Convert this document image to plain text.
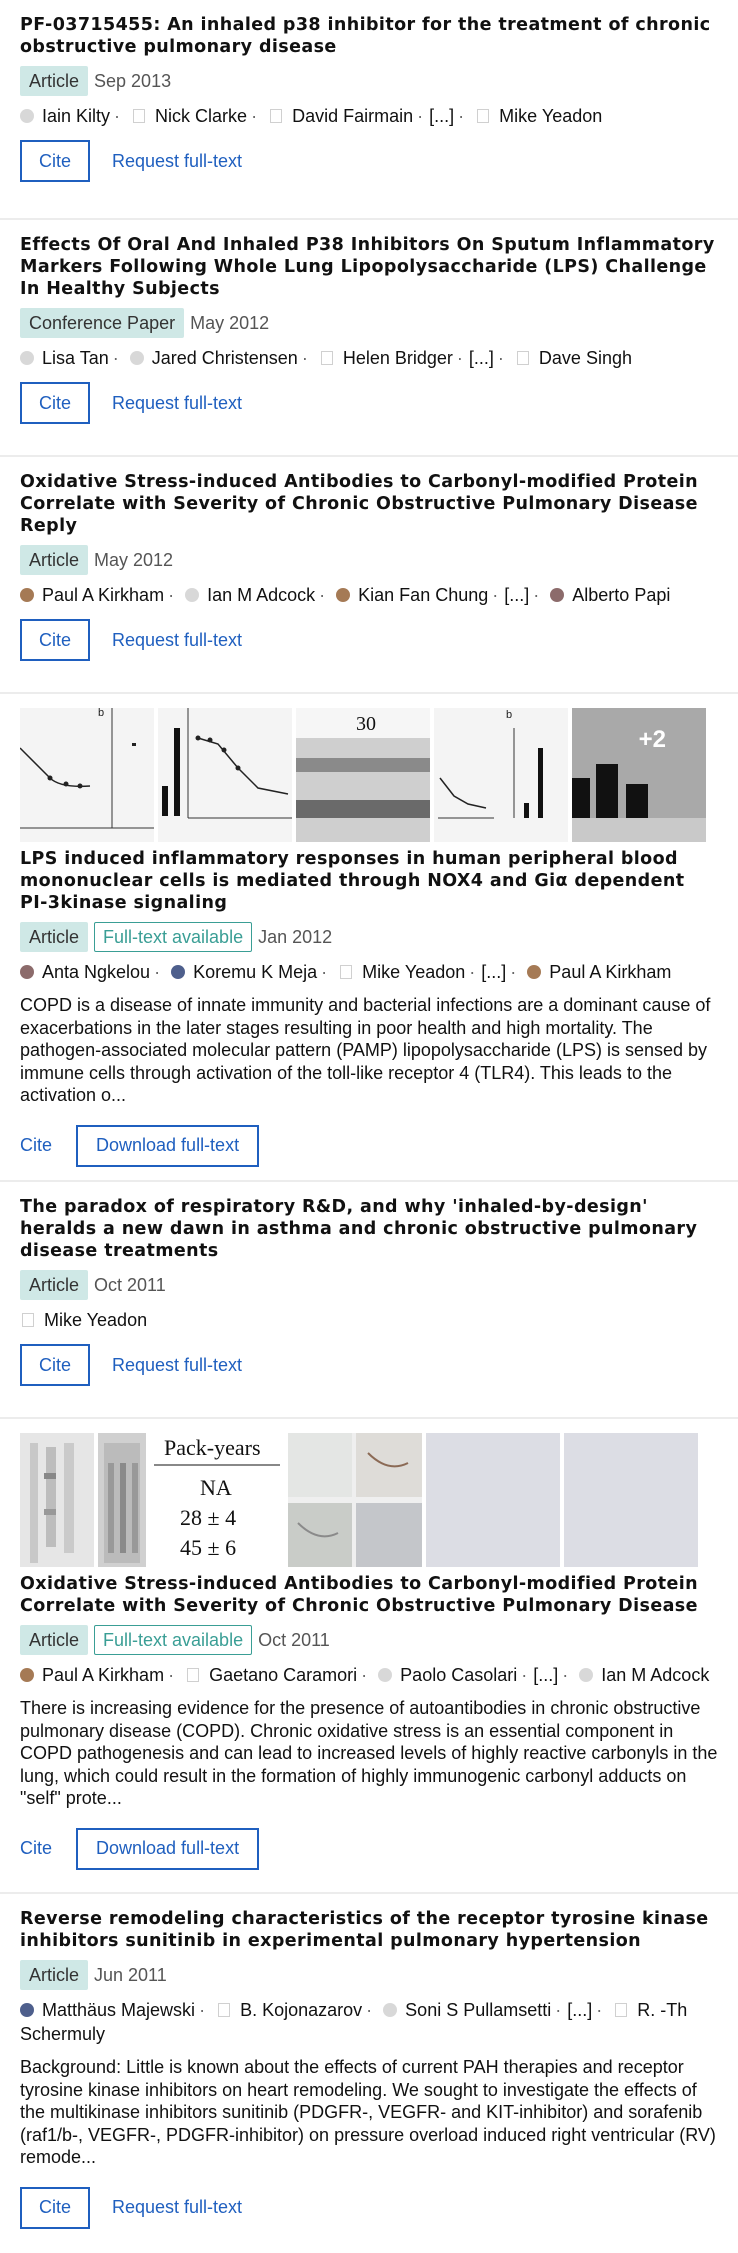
PF-03715455: An inhaled p38 inhibitor for the treatment of chronic obstructive pulmonary disease
Article Sep 2013
Iain Kilty · Nick Clarke · David Fairmain · [...] · Mike Yeadon
Cite	Request full-text
Effects Of Oral And Inhaled P38 Inhibitors On Sputum Inflammatory Markers Following Whole Lung Lipopolysaccharide (LPS) Challenge In Healthy Subjects
Conference Paper May 2012
Lisa Tan · Jared Christensen · Helen Bridger · [...] · Dave Singh
Cite	Request full-text
Oxidative Stress-induced Antibodies to Carbonyl-modified Protein Correlate with Severity of Chronic Obstructive Pulmonary Disease Reply
Article May 2012
Paul A Kirkham · Ian M Adcock · Kian Fan Chung · [...] · Alberto Papi
Cite	Request full-text
b	30	b
+2
LPS induced inflammatory responses in human peripheral blood mononuclear cells is mediated through NOX4 and Giα dependent PI-3kinase signaling
Article	Full-text available Jan 2012
Anta Ngkelou · Koremu K Meja · Mike Yeadon · [...] · Paul A Kirkham

COPD is a disease of innate immunity and bacterial infections are a dominant cause of exacerbations in the later stages resulting in poor health and high mortality. The pathogen-associated molecular pattern (PAMP) lipopolysaccharide (LPS) is sensed by immune cells through activation of the toll-like receptor 4 (TLR4). This leads to the activation o...

Cite	Download full-text
The paradox of respiratory R&D, and why 'inhaled-by-design' heralds a new dawn in asthma and chronic obstructive pulmonary disease treatments
Article Oct 2011
Mike Yeadon
Cite	Request full-text
Pack-years
NA
28 ± 4
45 ± 6
Oxidative Stress-induced Antibodies to Carbonyl-modified Protein Correlate with Severity of Chronic Obstructive Pulmonary Disease
Article	Full-text available Oct 2011
Paul A Kirkham · Gaetano Caramori · Paolo Casolari · [...] · Ian M Adcock

There is increasing evidence for the presence of autoantibodies in chronic obstructive pulmonary disease (COPD). Chronic oxidative stress is an essential component in COPD pathogenesis and can lead to increased levels of highly reactive carbonyls in the lung, which could result in the formation of highly immunogenic carbonyl adducts on "self" prote...

Cite	Download full-text
Reverse remodeling characteristics of the receptor tyrosine kinase inhibitors sunitinib in experimental pulmonary hypertension
Article Jun 2011
Matthäus Majewski · B. Kojonazarov · Soni S Pullamsetti · [...] · R. -Th Schermuly

Background: Little is known about the effects of current PAH therapies and receptor tyrosine kinase inhibitors on heart remodeling. We sought to investigate the effects of the multikinase inhibitors sunitinib (PDGFR-, VEGFR- and KIT-inhibitor) and sorafenib (raf1/b-, VEGFR-, PDGFR-inhibitor) on pressure overload induced right ventricular (RV) remode...

Cite	Request full-text
